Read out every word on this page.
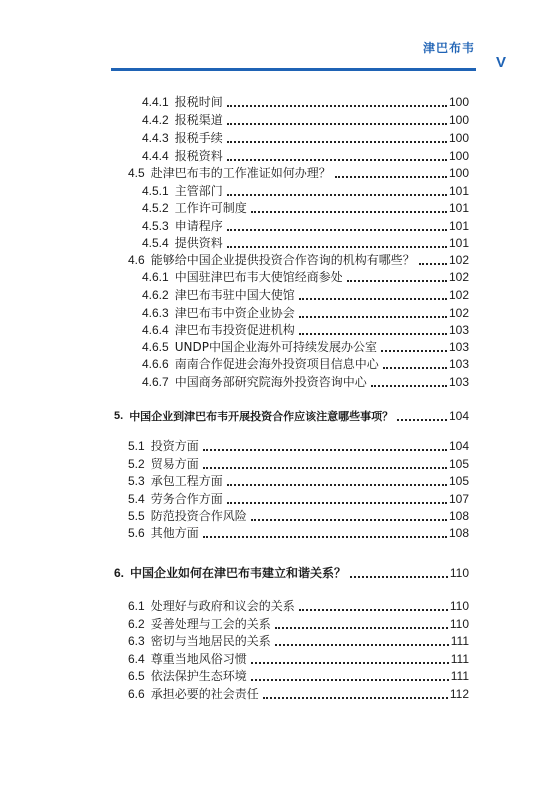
津巴布韦
V
4.4.1 报税时间	100
4.4.2 报税渠道	100
4.4.3 报税手续	100
4.4.4 报税资料	100
4.5 赴津巴布韦的工作准证如何办理？	100
4.5.1 主管部门	101
4.5.2 工作许可制度	101
4.5.3 申请程序	101
4.5.4 提供资料	101
4.6 能够给中国企业提供投资合作咨询的机构有哪些？	102
4.6.1 中国驻津巴布韦大使馆经商参处	102
4.6.2 津巴布韦驻中国大使馆	102
4.6.3 津巴布韦中资企业协会	102
4.6.4 津巴布韦投资促进机构	103
4.6.5 UNDP中国企业海外可持续发展办公室	103
4.6.6 南南合作促进会海外投资项目信息中心	103
4.6.7 中国商务部研究院海外投资咨询中心	103
5. 中国企业到津巴布韦开展投资合作应该注意哪些事项？	104
5.1 投资方面	104
5.2 贸易方面	105
5.3 承包工程方面	105
5.4 劳务合作方面	107
5.5 防范投资合作风险	108
5.6 其他方面	108
6. 中国企业如何在津巴布韦建立和谐关系？	110
6.1 处理好与政府和议会的关系	110
6.2 妥善处理与工会的关系	110
6.3 密切与当地居民的关系	111
6.4 尊重当地风俗习惯	111
6.5 依法保护生态环境	111
6.6 承担必要的社会责任	112
